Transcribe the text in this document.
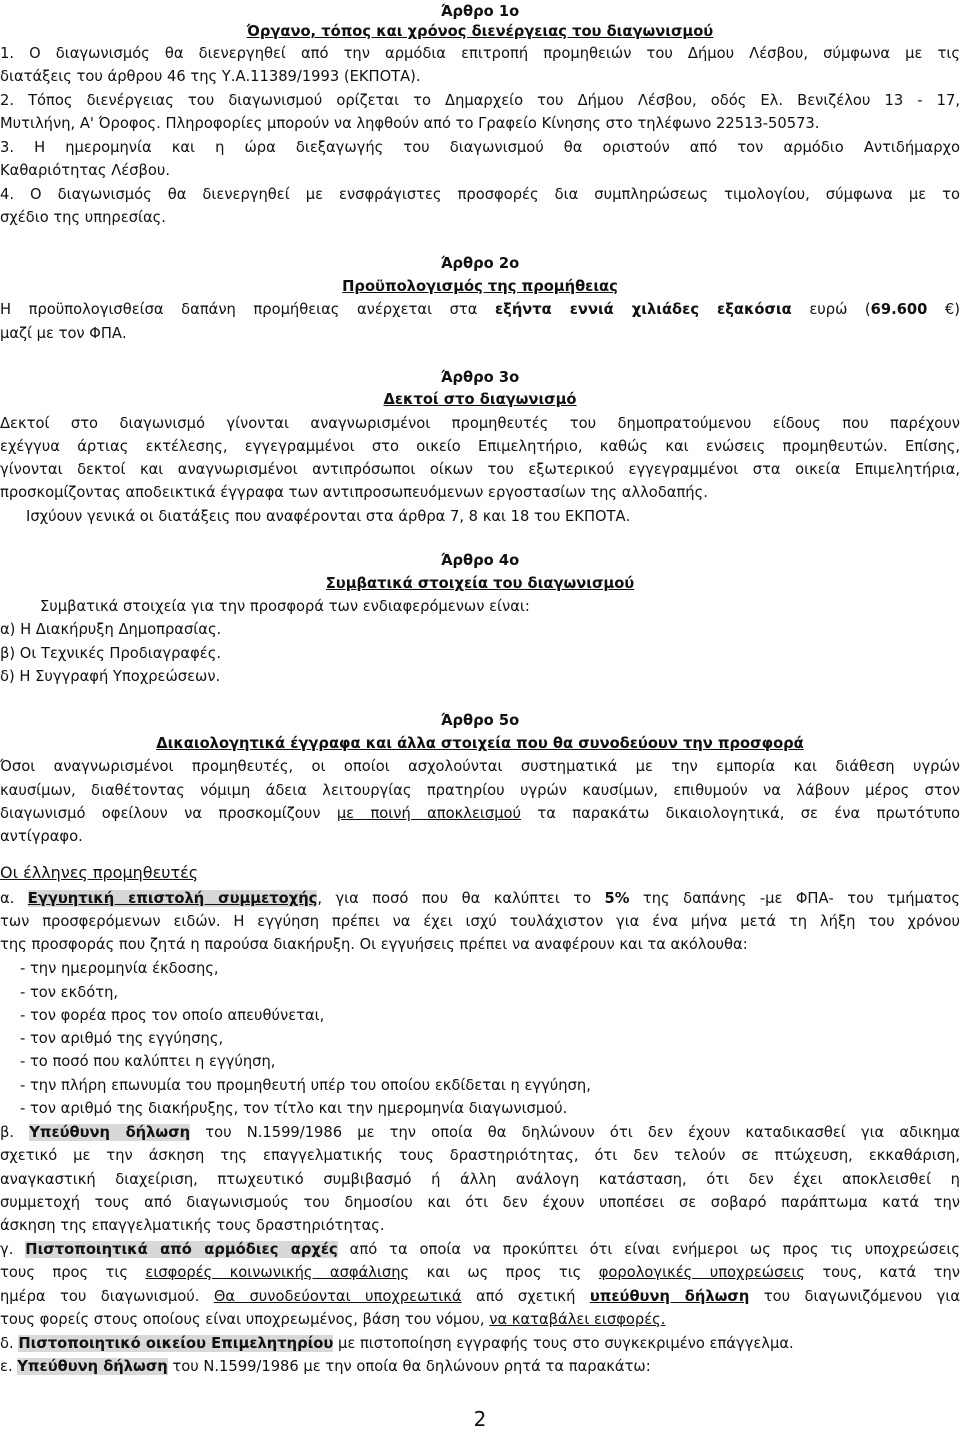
Άρθρο 1ο
Όργανο, τόπος και χρόνος διενέργειας του διαγωνισμού
1. Ο διαγωνισμός θα διενεργηθεί από την αρμόδια επιτροπή προμηθειών του Δήμου Λέσβου, σύμφωνα με τις
διατάξεις του άρθρου 46 της Υ.Α.11389/1993 (ΕΚΠΟΤΑ).
2. Τόπος διενέργειας του διαγωνισμού ορίζεται το Δημαρχείο του Δήμου Λέσβου, οδός Ελ. Βενιζέλου 13 - 17,
Μυτιλήνη, Α' Όροφος. Πληροφορίες μπορούν να ληφθούν από το Γραφείο Κίνησης στο τηλέφωνο 22513-50573.
3. Η ημερομηνία και η ώρα διεξαγωγής του διαγωνισμού θα οριστούν από τον αρμόδιο Αντιδήμαρχο
Καθαριότητας Λέσβου.
4. Ο διαγωνισμός θα διενεργηθεί με ενσφράγιστες προσφορές δια συμπληρώσεως τιμολογίου, σύμφωνα με το
σχέδιο της υπηρεσίας.
Άρθρο 2ο
Προϋπολογισμός της προμήθειας
Η προϋπολογισθείσα δαπάνη προμήθειας ανέρχεται στα εξήντα εννιά χιλιάδες εξακόσια ευρώ (69.600 €)
μαζί με τον ΦΠΑ.
Άρθρο 3ο
Δεκτοί στο διαγωνισμό
Δεκτοί στο διαγωνισμό γίνονται αναγνωρισμένοι προμηθευτές του δημοπρατούμενου είδους που παρέχουν
εχέγγυα άρτιας εκτέλεσης, εγγεγραμμένοι στο οικείο Επιμελητήριο, καθώς και ενώσεις προμηθευτών. Επίσης,
γίνονται δεκτοί και αναγνωρισμένοι αντιπρόσωποι οίκων του εξωτερικού εγγεγραμμένοι στα οικεία Επιμελητήρια,
προσκομίζοντας αποδεικτικά έγγραφα των αντιπροσωπευόμενων εργοστασίων της αλλοδαπής.
Ισχύουν γενικά οι διατάξεις που αναφέρονται στα άρθρα 7, 8 και 18 του ΕΚΠΟΤΑ.
Άρθρο 4ο
Συμβατικά στοιχεία του διαγωνισμού
Συμβατικά στοιχεία για την προσφορά των ενδιαφερόμενων είναι:
α) Η Διακήρυξη Δημοπρασίας.
β) Οι Τεχνικές Προδιαγραφές.
δ) Η Συγγραφή Υποχρεώσεων.
Άρθρο 5ο
Δικαιολογητικά έγγραφα και άλλα στοιχεία που θα συνοδεύουν την προσφορά
Όσοι αναγνωρισμένοι προμηθευτές, οι οποίοι ασχολούνται συστηματικά με την εμπορία και διάθεση υγρών
καυσίμων, διαθέτοντας νόμιμη άδεια λειτουργίας πρατηρίου υγρών καυσίμων, επιθυμούν να λάβουν μέρος στον
διαγωνισμό οφείλουν να προσκομίζουν με ποινή αποκλεισμού τα παρακάτω δικαιολογητικά, σε ένα πρωτότυπο
αντίγραφο.
Οι έλληνες προμηθευτές
α. Εγγυητική επιστολή συμμετοχής, για ποσό που θα καλύπτει το 5% της δαπάνης -με ΦΠΑ- του τμήματος
των προσφερόμενων ειδών. Η εγγύηση πρέπει να έχει ισχύ τουλάχιστον για ένα μήνα μετά τη λήξη του χρόνου
της προσφοράς που ζητά η παρούσα διακήρυξη. Οι εγγυήσεις πρέπει να αναφέρουν και τα ακόλουθα:
- την ημερομηνία έκδοσης,
- τον εκδότη,
- τον φορέα προς τον οποίο απευθύνεται,
- τον αριθμό της εγγύησης,
- το ποσό που καλύπτει η εγγύηση,
- την πλήρη επωνυμία του προμηθευτή υπέρ του οποίου εκδίδεται η εγγύηση,
- τον αριθμό της διακήρυξης, τον τίτλο και την ημερομηνία διαγωνισμού.
β. Υπεύθυνη δήλωση του Ν.1599/1986 με την οποία θα δηλώνουν ότι δεν έχουν καταδικασθεί για αδικημα
σχετικό με την άσκηση της επαγγελματικής τους δραστηριότητας, ότι δεν τελούν σε πτώχευση, εκκαθάριση,
αναγκαστική διαχείριση, πτωχευτικό συμβιβασμό ή άλλη ανάλογη κατάσταση, ότι δεν έχει αποκλεισθεί η
συμμετοχή τους από διαγωνισμούς του δημοσίου και ότι δεν έχουν υποπέσει σε σοβαρό παράπτωμα κατά την
άσκηση της επαγγελματικής τους δραστηριότητας.
γ. Πιστοποιητικά από αρμόδιες αρχές από τα οποία να προκύπτει ότι είναι ενήμεροι ως προς τις υποχρεώσεις
τους προς τις εισφορές κοινωνικής ασφάλισης και ως προς τις φορολογικές υποχρεώσεις τους, κατά την
ημέρα του διαγωνισμού. Θα συνοδεύονται υποχρεωτικά από σχετική υπεύθυνη δήλωση του διαγωνιζόμενου για
τους φορείς στους οποίους είναι υποχρεωμένος, βάση του νόμου, να καταβάλει εισφορές.
δ. Πιστοποιητικό οικείου Επιμελητηρίου με πιστοποίηση εγγραφής τους στο συγκεκριμένο επάγγελμα.
ε. Υπεύθυνη δήλωση του Ν.1599/1986 με την οποία θα δηλώνουν ρητά τα παρακάτω:
2
